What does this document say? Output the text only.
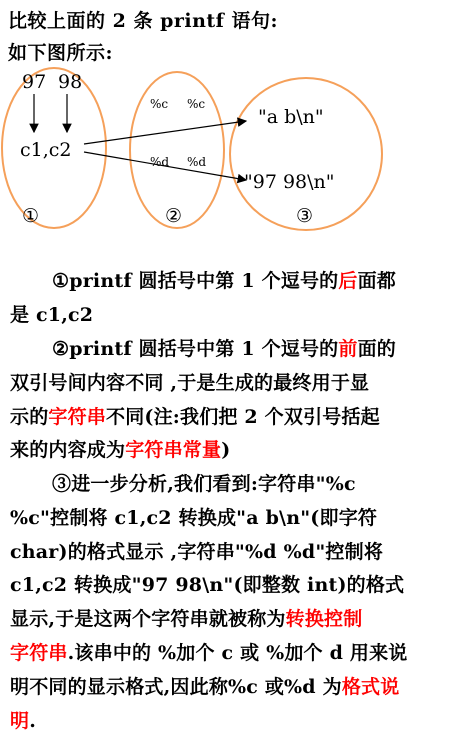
比较上面的 2 条 printf 语句:
如下图所示:
97 98
c1,c2
%c %c
%d %d
"a b\n"
"97 98\n"
①	②	③
①printf 圆括号中第 1 个逗号的后面都
是 c1,c2
②printf 圆括号中第 1 个逗号的前面的
双引号间内容不同 ,于是生成的最终用于显
示的字符串不同(注:我们把 2 个双引号括起
来的内容成为字符串常量)
③进一步分析,我们看到:字符串"%c
%c"控制将 c1,c2 转换成"a b\n"(即字符
char)的格式显示 ,字符串"%d %d"控制将
c1,c2 转换成"97 98\n"(即整数 int)的格式
显示,于是这两个字符串就被称为转换控制
字符串.该串中的 %加个 c 或 %加个 d 用来说
明不同的显示格式,因此称%c 或%d 为格式说
明.
